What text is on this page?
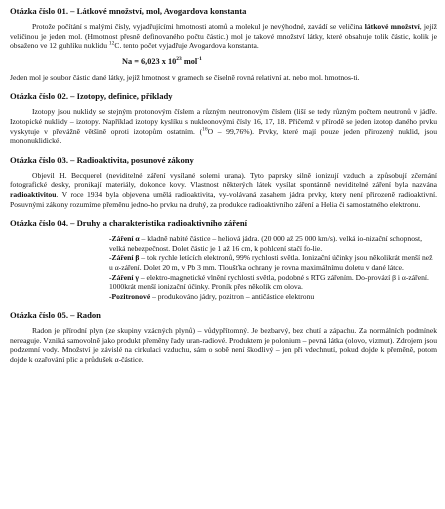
Otázka číslo 01. – Látkové množství, mol, Avogardova konstanta

Protože počítání s malými čísly, vyjadřujícími hmotnosti atomů a molekul je nevýhodné, zavádí se veličina látkové množství, jejíž veličinou je jeden mol. (Hmotnost přesně definovaného počtu částic.) mol je takové množství látky, které obsahuje tolik částic, kolik je obsaženo ve 12 guhlíku nuklidu $^{12}$C. tento počet vyjadřuje Avogardova konstanta.

Na = 6,023 x $10^{23}$ mol$^{-1}$

Jeden mol je soubor částic dané látky, jejíž hmotnost v gramech se číselně rovná relativní at. nebo mol. hmotnos-ti.

Otázka číslo 02. – Izotopy, definice, příklady

Izotopy jsou nuklidy se stejným protonovým číslem a různým neutronovým číslem (liší se tedy různým počtem neutronů v jádře. Izotopické nuklidy – izotopy. Například izotopy kyslíku s nukleonovými čísly 16, 17, 18. Přičemž v přírodě se jeden izotop daného prvku vyskytuje v převážně většině oproti izotopům ostatním. ($^{16}$O – 99,76%). Prvky, které mají pouze jeden přirozený nuklid, jsou mononuklidické.

Otázka číslo 03. – Radioaktivita, posunové zákony

Objevil H. Becquerel (neviditelné záření vysílané solemi urana). Tyto paprsky silně ionizují vzduch a způsobují zčernání fotografické desky, pronikají materiály, dokonce kovy. Vlastnost některých látek vysílat spontánně neviditelné záření byla nazvána radioaktivitou. V roce 1934 byla objevena umělá radioaktivita, vy-volávaná zasahem jádra prvky, ktery není přirozeně radioaktivní. Posuvnými zákony rozumíme přeměnu jedno-ho prvku na druhý, za produkce radioaktivního záření a Helia či samostatného elektronu.

Otázka číslo 04. – Druhy a charakteristika radioaktivního záření

-Záření α – kladně nabité částice – heliová jádra. (20 000 až 25 000 km/s). velká io-nizační schopnost, velká nebezpečnost. Dolet částic je 1 až 16 cm, k pohlcení stačí fo-lie.

-Záření β – tok rychle letících elektronů, 99% rychlosti světla. Ionizační účinky jsou několikrát menší než u α-záření. Dolet 20 m, v Pb 3 mm. Tloušťka ochrany je rovna maximálnímu doletu v dané látce.

-Záření γ – elektro-magnetické vlnění rychlosti světla, podobné s RTG zářením. Do-provází β i α-záření. 1000krát menší ionizační účinky. Proník přes několik cm olova.

-Pozitronové – produkováno jádry, pozitron – antičástice elektronu

Otázka číslo 05. – Radon

Radon je přírodní plyn (ze skupiny vzácných plynů) – vůdypřítomný. Je bezbarvý, bez chutí a zápachu. Za normálních podmínek nereaguje. Vzniká samovolně jako produkt přeměny řady uran-radiové. Produktem je polonium – pevná látka (olovo, vizmut). Zdrojem jsou podzemní vody. Množství je závislé na cirkulaci vzduchu, sám o sobě není škodlivý – jen při vdechnutí, pokud dojde k přeměně, potom dojde k ozařování plic a průdušek α-částice.
